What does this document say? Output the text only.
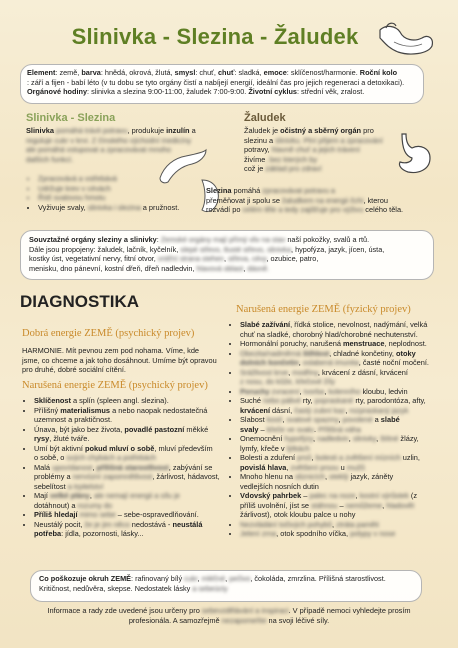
Slinivka - Slezina - Žaludek
Element: země, barva: hnědá, okrová, žlutá, smysl: chuť, chuť: sladká, emoce: sklíčenost/harmonie. Roční kolo
: září a fijen - babí léto (v tu dobu se tyto orgány čistí a nabíjejí energií, ideální čas pro jejich regeneraci a detoxikaci).
Orgánové hodiny: slinivka a slezina 9:00-11:00, žaludek 7:00-9:00. Životní cyklus: střední věk, zralost.
Slinivka - Slezina
Slinivka pomáhá trávit potravu, produkuje inzulín a
reguluje cukr v krvi. Z čínského východní medicíny
ale pomáhá vstupovat a zpracovávat mnoho
dalších funkcí.
• Zpracovává a vstřebává
• Udržuje krev v cévách
• Řídí svalovou hmotu
• Vyživuje svaly, slinivka i slezina a pružnost.
Žaludek
Žaludek je očistný a sběrný orgán pro
slezinu a slinivku. Plní přijem a zpracování
potravy, hlavně chuť a jejich trávení
živíme, bez kterých by
což je základ pro zdraví
Slezina pomáhá zpracovávat potravu a
přeměňovat ji spolu se žaludkem na energii čchi, kterou
rozvádí po celém těle a tedy zajišťuje pro výživu celého těla.
Souvztažné orgány sleziny a slinivky: Zemské orgány mají přímý vliv na stav naší pokožky, svalů a rtů.
Dále jsou propojeny: žaludek, lačník, kyčelník, slepé střevo, tlusté střevo, slinivka, hypofýza, jazyk, jícen, ústa,
kostky úst, vegetativní nervy, fitní otvor, vnitřní strana stehen, střeva, cévy, ozubice, patro,
menisku, dno pánevní, kostní dřeň, dřeň nadledvin, hlavová oblast, dásně.
DIAGNOSTIKA
Dobrá energie ZEMĚ (psychický projev)
HARMONIE. Mít pevnou zem pod nohama. Víme, kde
jsme, co chceme a jak toho dosáhnout. Umíme být opravou
pro druhé, dobré sociální cítění.
Narušená energie ZEMĚ (psychický projev)
• Sklíčenost a splín (spleen angl. slezina).
• Přílišný materialismus a nebo naopak nedostatečná
uzemnost a praktičnost.
• Únava, být jako bez života, povadlé pastozní měkké
rysy, žluté tváře.
• Umí být aktivní pokud mluví o sobě, mluví především
o sobě, o svých chybách a potřebách
• Malá upovídanost, přílišná starostlivost, zabývání se
problémy a nervózní zapomnětlivost, žárlivost, hádavost,
sebelítost a trpitelství
• Mají velké plány, ale nemají energii a sílu je
dotáhnout) a rozumy do
• Příliš hledají mimo sebe – sebe-ospravedlňování.
• Neustálý pocit, že je jim něco nedostává - neustálá
potřeba: jídla, pozornosti, lásky...
Narušená energie ZEMĚ (fyzický projev)
• Slabé zažívání, řídká stolice, nevolnost, nadýmání, velká
chuť na sladké, chorobný hlad/chorobné nechutenství.
• Hormonální poruchy, narušená menstruace, neplodnost.
• Obezita/nadměrná štíhlost, chladné končetiny, otoky
dolních končetin, oslabená imunita, časté noční močení.
• Srážlivost krve, modřiny, krvácení z dásní, krvácení
z nosu, do kůže, křečové žíly
• Poruchy zvracení, tvorba, kolenního kloubu, ledvin
• Suché nebo pálivé rty, popraskané rty, parodontóza, afty,
krvácení dásní, častý zubní kaz, rozpraskaný jazyk
• Slabost kostí, svalové spazmy, povolené a slabé
svaly – křeče ve svalu. Přílišná váha
• Onemocnění hypofýzy, nadledvin, slinivky, štítné žlázy,
lymfy, křeče v lýtkách
• Bolesti a zduření prsů, bolesti a zvětšení mízních uzlin,
povislá hlava, zvětšení prsou u mužů
• Mnoho hlenu na sliznicích, oteklý jazyk, záněty
vedlejších nosních dutin
• Vdovský pahrbek – palec na noze, kostní výrůstek (z
příliš uvolnění, jíst se stáhnou – nemůžeme, hladovět
žárlivost), otok kloubu palce u nohy
• Nezvládání točivých pohybů, ztráta paměti
• Jelení zrna, otok spodního víčka, polypy v nose
Co poškozuje okruh ZEMĚ: rafinovaný bílý cukr, mléčné, pečivo, čokoláda, zmrzlina. Přílišná starostlivost.
Kritičnost, nedůvěra, skepse. Nedostatek lásky a sebeúcty
Informace a rady zde uvedené jsou určeny pro sebevzdělávání a inspiraci. V případě nemoci vyhledejte prosím
profesionála. A samozřejmě nezapomeňte na svoji léčivé síly.
